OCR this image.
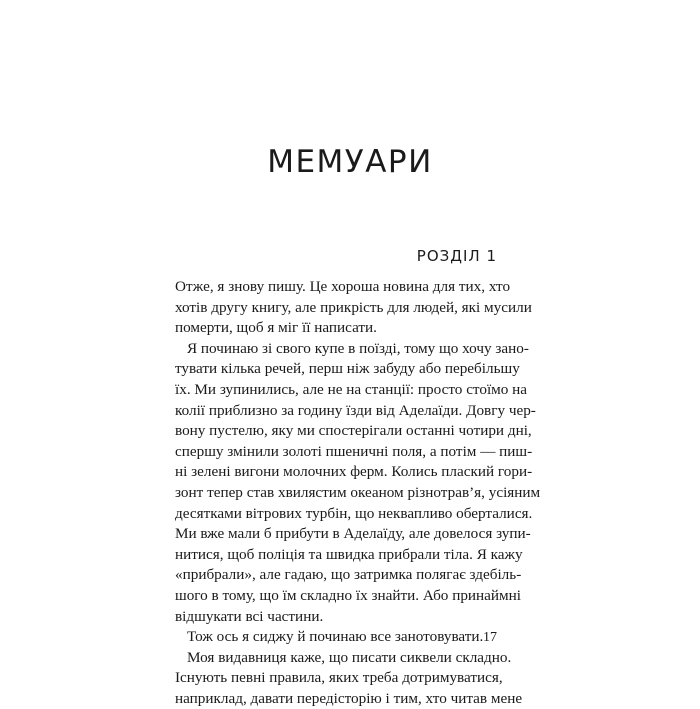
МЕМУАРИ
РОЗДІЛ 1
Отже, я знову пишу. Це хороша новина для тих, хто
хотів другу книгу, але прикрість для людей, які мусили
померти, щоб я міг її написати.
Я починаю зі свого купе в поїзді, тому що хочу зано-
тувати кілька речей, перш ніж забуду або перебільшу
їх. Ми зупинились, але не на станції: просто стоїмо на
колії приблизно за годину їзди від Аделаїди. Довгу чер-
вону пустелю, яку ми спостерігали останні чотири дні,
спершу змінили золоті пшеничні поля, а потім — пиш-
ні зелені вигони молочних ферм. Колись плаский гори-
зонт тепер став хвилястим океаном різнотрав’я, усіяним
десятками вітрових турбін, що неквапливо оберталися.
Ми вже мали б прибути в Аделаїду, але довелося зупи-
нитися, щоб поліція та швидка прибрали тіла. Я кажу
«прибрали», але гадаю, що затримка полягає здебіль-
шого в тому, що їм складно їх знайти. Або принаймні
відшукати всі частини.
Тож ось я сиджу й починаю все занотовувати.
Моя видавниця каже, що писати сиквели складно.
Існують певні правила, яких треба дотримуватися,
наприклад, давати передісторію і тим, хто читав мене
17
